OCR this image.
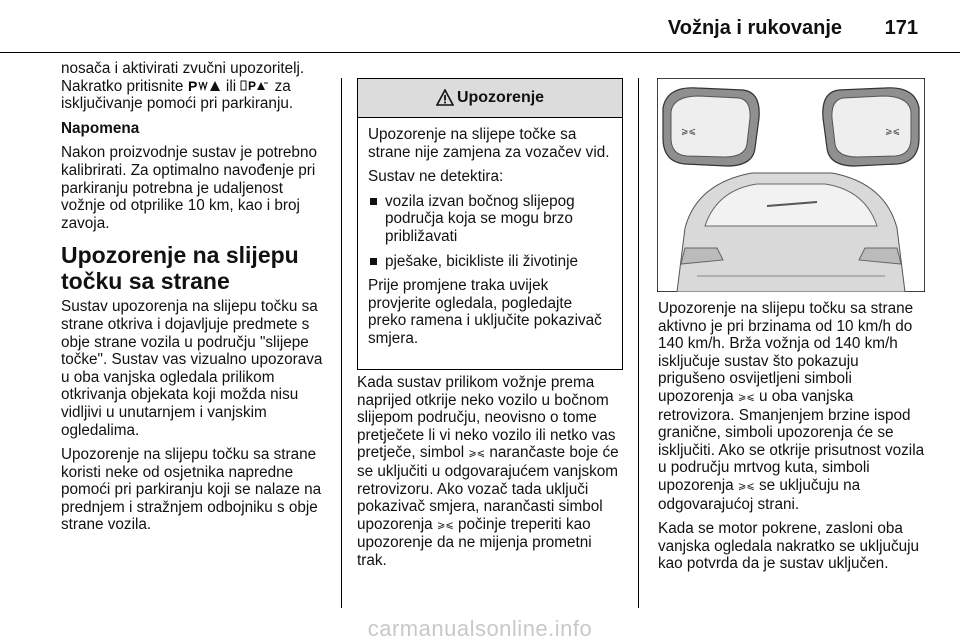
Vožnja i rukovanje 171

nosača i aktivirati zvučni upozoritelj. Nakratko pritisnite P ili P za isključivanje pomoći pri parkiranju.

Napomena

Nakon proizvodnje sustav je potrebno kalibrirati. Za optimalno navođenje pri parkiranju potrebna je udaljenost vožnje od otprilike 10 km, kao i broj zavoja.

Upozorenje na slijepu točku sa strane

Sustav upozorenja na slijepu točku sa strane otkriva i dojavljuje predmete s obje strane vozila u području "slijepe točke". Sustav vas vizualno upozorava u oba vanjska ogledala prilikom otkrivanja objekata koji možda nisu vidljivi u unutarnjem i vanjskim ogledalima.

Upozorenje na slijepu točku sa strane koristi neke od osjetnika napredne pomoći pri parkiranju koji se nalaze na prednjem i stražnjem odbojniku s obje strane vozila.

Upozorenje

Upozorenje na slijepe točke sa strane nije zamjena za vozačev vid.

Sustav ne detektira:

vozila izvan bočnog slijepog područja koja se mogu brzo približavati
pješake, bicikliste ili životinje

Prije promjene traka uvijek provjerite ogledala, pogledajte preko ramena i uključite pokazivač smjera.

Kada sustav prilikom vožnje prema naprijed otkrije neko vozilo u bočnom slijepom području, neovisno o tome pretječete li vi neko vozilo ili netko vas pretječe, simbol ⩾⩽ narančaste boje će se uključiti u odgovarajućem vanjskom retrovizoru. Ako vozač tada uključi pokazivač smjera, narančasti simbol upozorenja ⩾⩽ počinje treperiti kao upozorenje da ne mijenja prometni trak.

⩾⩽	⩾⩽

Upozorenje na slijepu točku sa strane aktivno je pri brzinama od 10 km/h do 140 km/h. Brža vožnja od 140 km/h isključuje sustav što pokazuju prigušeno osvijetljeni simboli upozorenja ⩾⩽ u oba vanjska retrovizora. Smanjenjem brzine ispod granične, simboli upozorenja će se isključiti. Ako se otkrije prisutnost vozila u području mrtvog kuta, simboli upozorenja ⩾⩽ se uključuju na odgovarajućoj strani.

Kada se motor pokrene, zasloni oba vanjska ogledala nakratko se uključuju kao potvrda da je sustav uključen.

carmanualsonline.info
